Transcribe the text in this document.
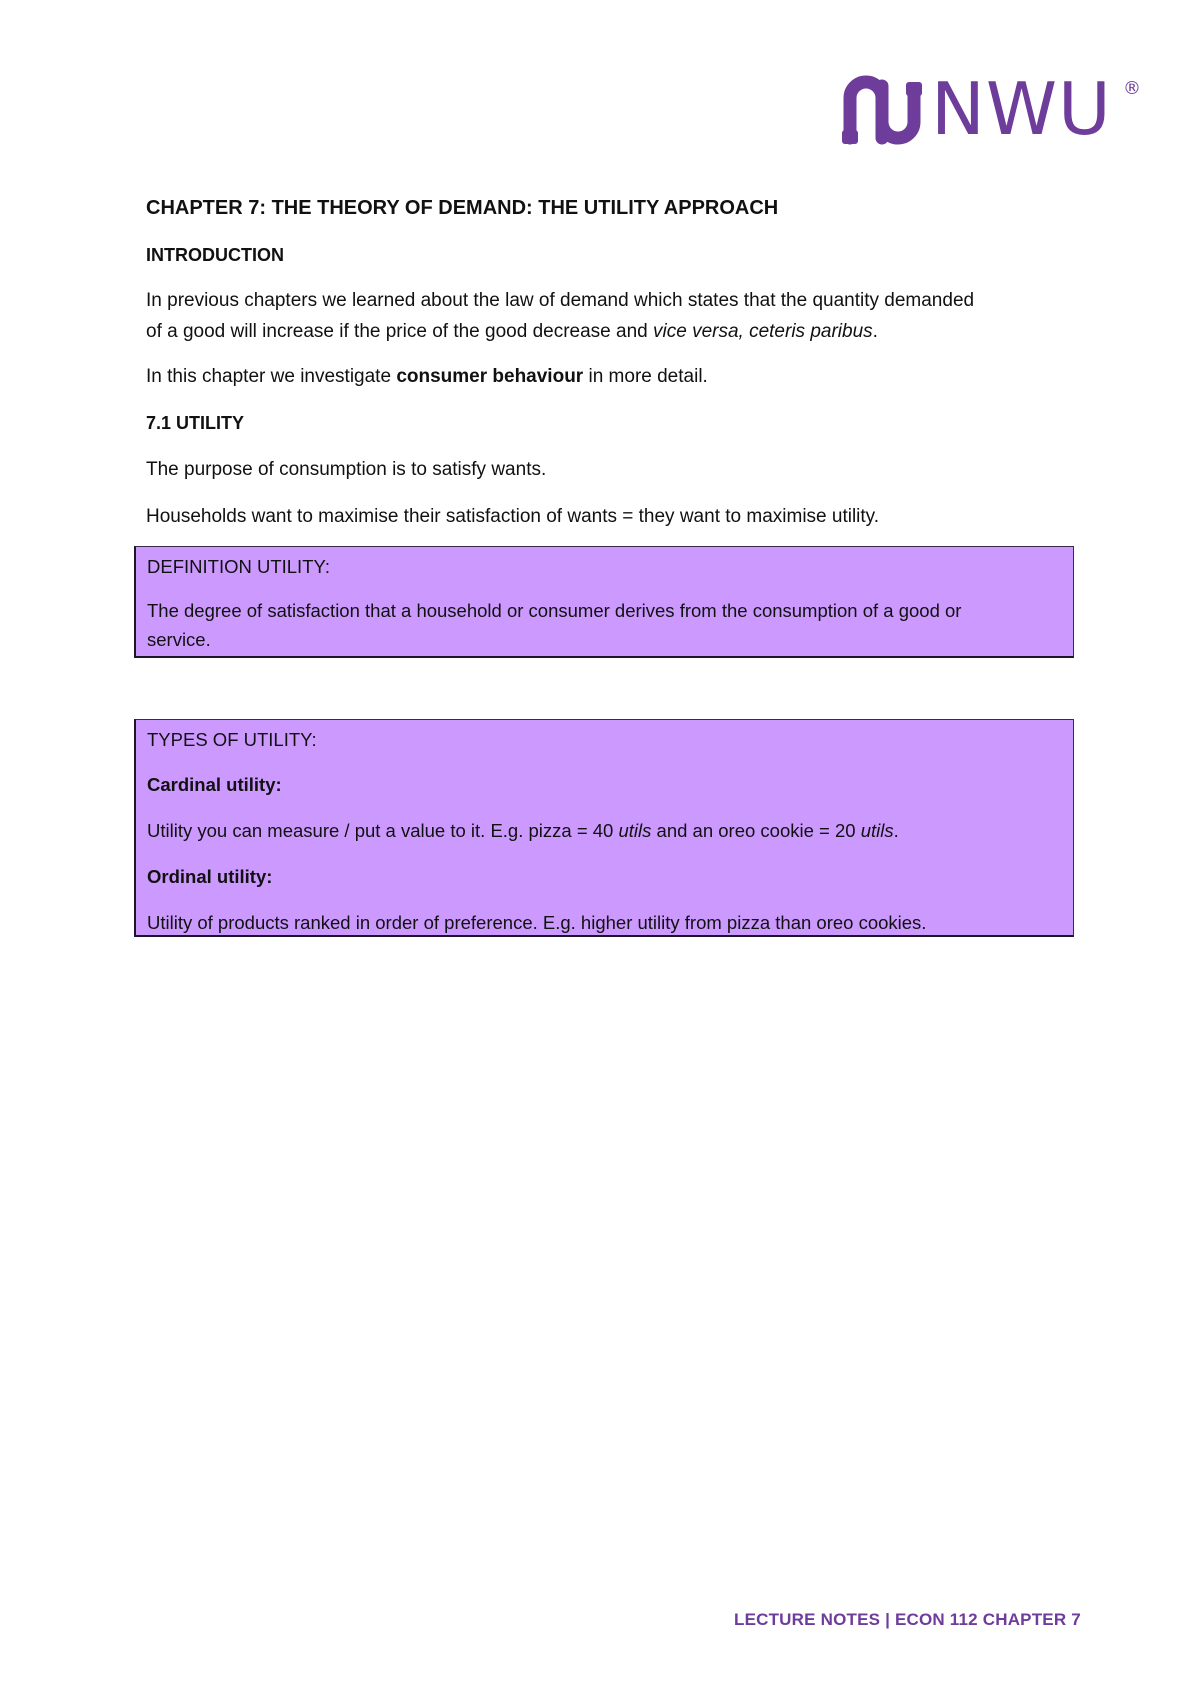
NWU ®
CHAPTER 7: THE THEORY OF DEMAND: THE UTILITY APPROACH
INTRODUCTION
In previous chapters we learned about the law of demand which states that the quantity demanded
of a good will increase if the price of the good decrease and vice versa, ceteris paribus.
In this chapter we investigate consumer behaviour in more detail.
7.1 UTILITY
The purpose of consumption is to satisfy wants.
Households want to maximise their satisfaction of wants = they want to maximise utility.
DEFINITION UTILITY:
The degree of satisfaction that a household or consumer derives from the consumption of a good or
service.
TYPES OF UTILITY:
Cardinal utility:
Utility you can measure / put a value to it. E.g. pizza = 40 utils and an oreo cookie = 20 utils.
Ordinal utility:
Utility of products ranked in order of preference. E.g. higher utility from pizza than oreo cookies.
LECTURE NOTES | ECON 112 CHAPTER 7
